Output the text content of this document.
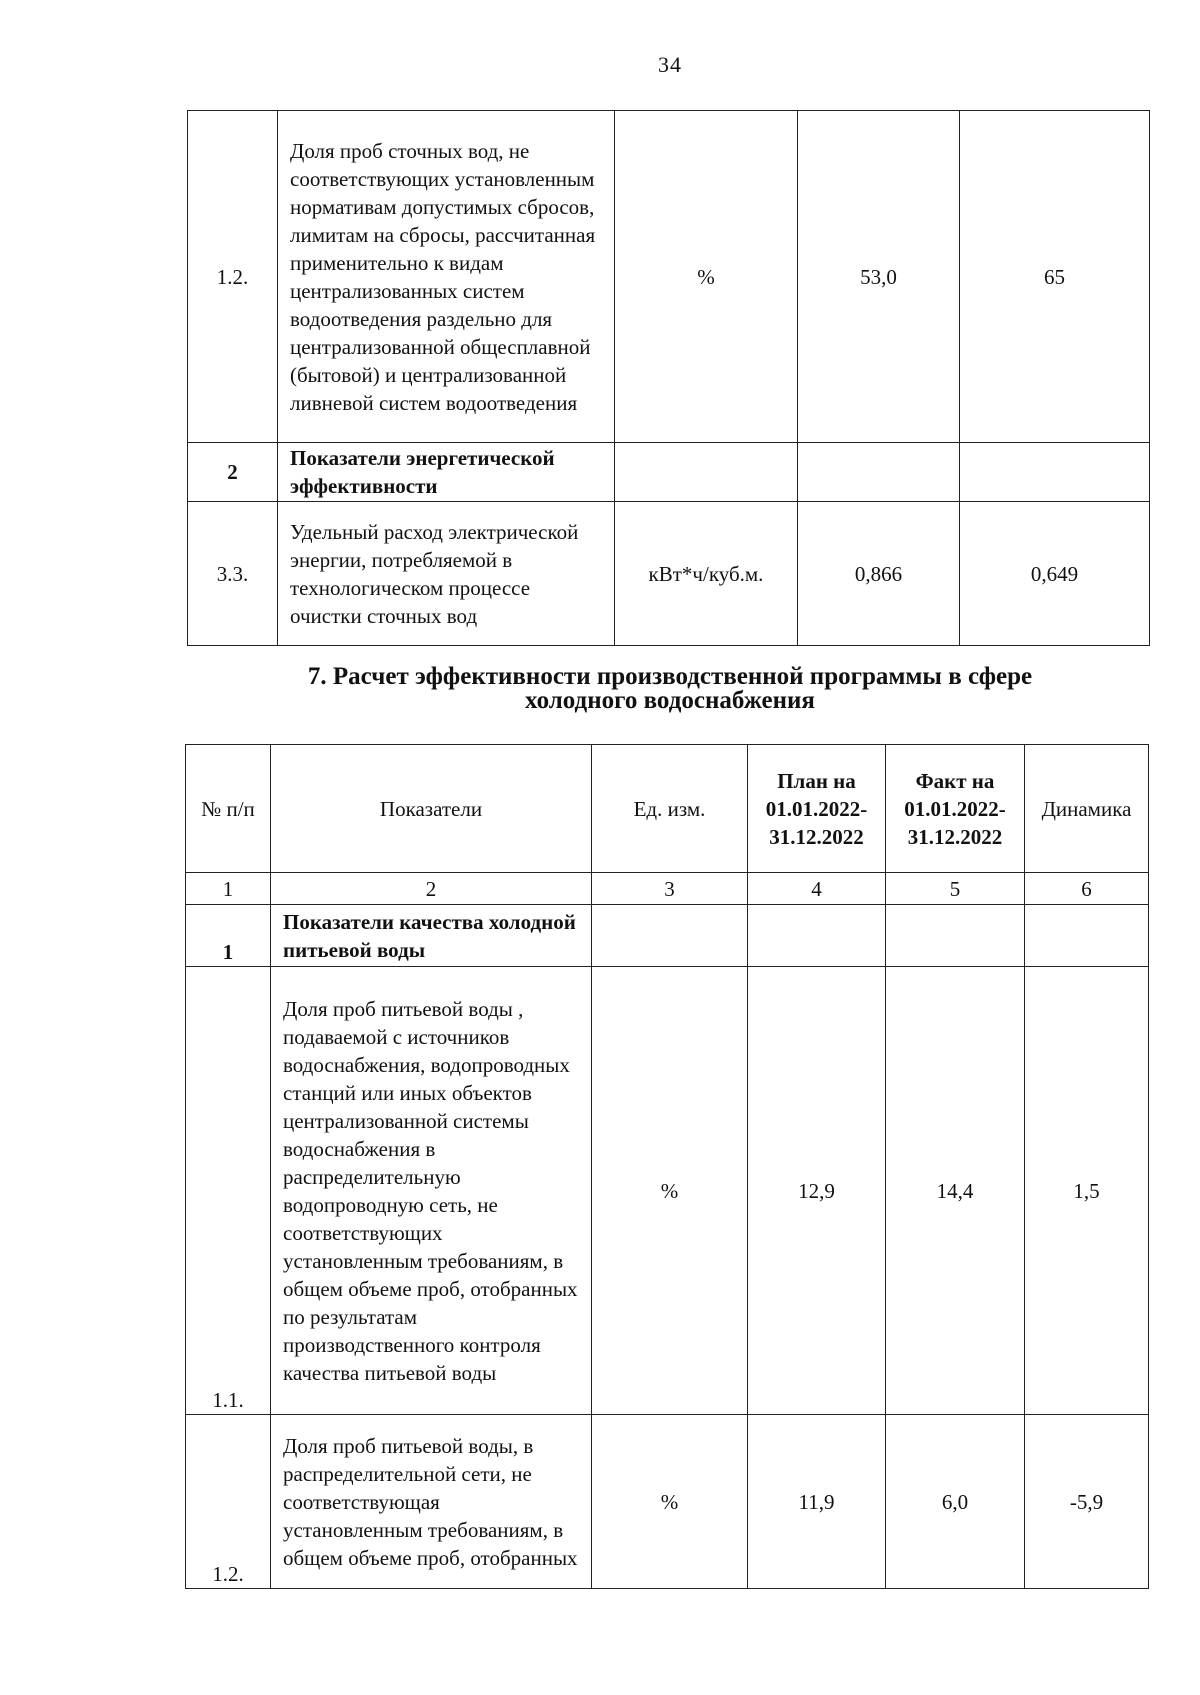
34
1.2.	Доля проб сточных вод, не соответствующих установленным нормативам допустимых сбросов, лимитам на сбросы, рассчитанная применительно к видам централизованных систем водоотведения раздельно для централизованной общесплавной (бытовой) и централизованной ливневой систем водоотведения	%	53,0	65
2	Показатели энергетической эффективности			
3.3.	Удельный расход электрической энергии, потребляемой в технологическом процессе очистки сточных вод	кВт*ч/куб.м.	0,866	0,649
7. Расчет эффективности производственной программы в сфере
холодного водоснабжения
№ п/п	Показатели	Ед. изм.	План на 01.01.2022-31.12.2022	Факт на 01.01.2022-31.12.2022	Динамика
1	2	3	4	5	6
1	Показатели качества холодной питьевой воды				
1.1.	Доля проб питьевой воды , подаваемой с источников водоснабжения, водопроводных станций или иных объектов централизованной системы водоснабжения в распределительную водопроводную сеть, не соответствующих установленным требованиям, в общем объеме проб, отобранных по результатам производственного контроля качества питьевой воды	%	12,9	14,4	1,5
1.2.	Доля проб питьевой воды, в распределительной сети, не соответствующая установленным требованиям, в общем объеме проб, отобранных	%	11,9	6,0	-5,9
